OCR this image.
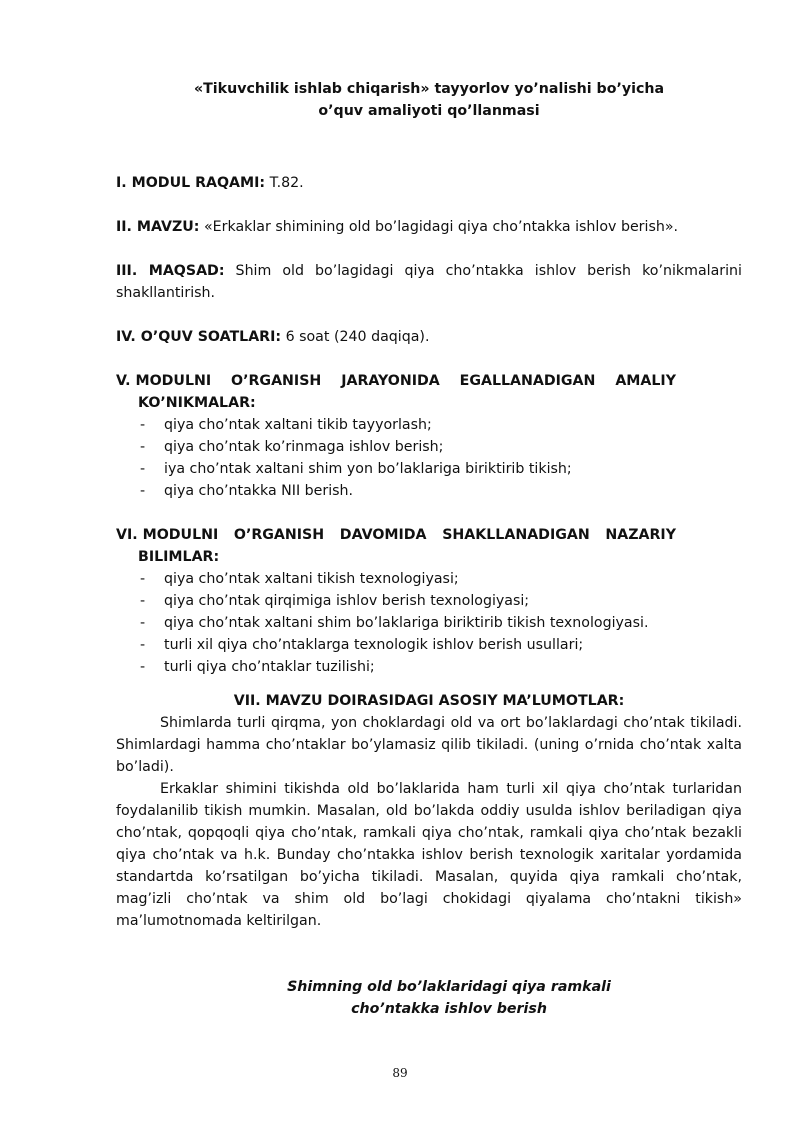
«Tikuvchilik ishlab chiqarish» tayyorlov yo’nalishi bo’yicha
o’quv amaliyoti qo’llanmasi

I. MODUL RAQAMI: T.82.

II. MAVZU: «Erkaklar shimining old bo’lagidagi qiya cho’ntakka ishlov berish».

III. MAQSAD: Shim old bo’lagidagi qiya cho’ntakka ishlov berish ko’nikmalarini shakllantirish.

IV. O’QUV SOATLARI: 6 soat (240 daqiqa).

V. MODULNI O’RGANISH JARAYONIDA EGALLANADIGAN AMALIY
KO’NIKMALAR:
- qiya cho’ntak xaltani tikib tayyorlash;
- qiya cho’ntak ko’rinmaga ishlov berish;
- iya cho’ntak xaltani shim yon bo’laklariga biriktirib tikish;
- qiya cho’ntakka NII berish.
VI. MODULNI O’RGANISH DAVOMIDA SHAKLLANADIGAN NAZARIY
BILIMLAR:
- qiya cho’ntak xaltani tikish texnologiyasi;
- qiya cho’ntak qirqimiga ishlov berish texnologiyasi;
- qiya cho’ntak xaltani shim bo’laklariga biriktirib tikish texnologiyasi.
- turli xil qiya cho’ntaklarga texnologik ishlov berish usullari;
- turli qiya cho’ntaklar tuzilishi;

VII. MAVZU DOIRASIDAGI ASOSIY MA’LUMOTLAR:

Shimlarda turli qirqma, yon choklardagi old va ort bo’laklardagi cho’ntak tikiladi. Shimlardagi hamma cho’ntaklar bo’ylamasiz qilib tikiladi. (uning o’rnida cho’ntak xalta bo’ladi).

Erkaklar shimini tikishda old bo’laklarida ham turli xil qiya cho’ntak turlaridan foydalanilib tikish mumkin. Masalan, old bo’lakda oddiy usulda ishlov beriladigan qiya cho’ntak, qopqoqli qiya cho’ntak, ramkali qiya cho’ntak, ramkali qiya cho’ntak bezakli qiya cho’ntak va h.k. Bunday cho’ntakka ishlov berish texnologik xaritalar yordamida standartda ko’rsatilgan bo’yicha tikiladi. Masalan, quyida qiya ramkali cho’ntak, mag’izli cho’ntak va shim old bo’lagi chokidagi qiyalama cho’ntakni tikish» ma’lumotnomada keltirilgan.

Shimning old bo’laklaridagi qiya ramkali
cho’ntakka ishlov berish

89
